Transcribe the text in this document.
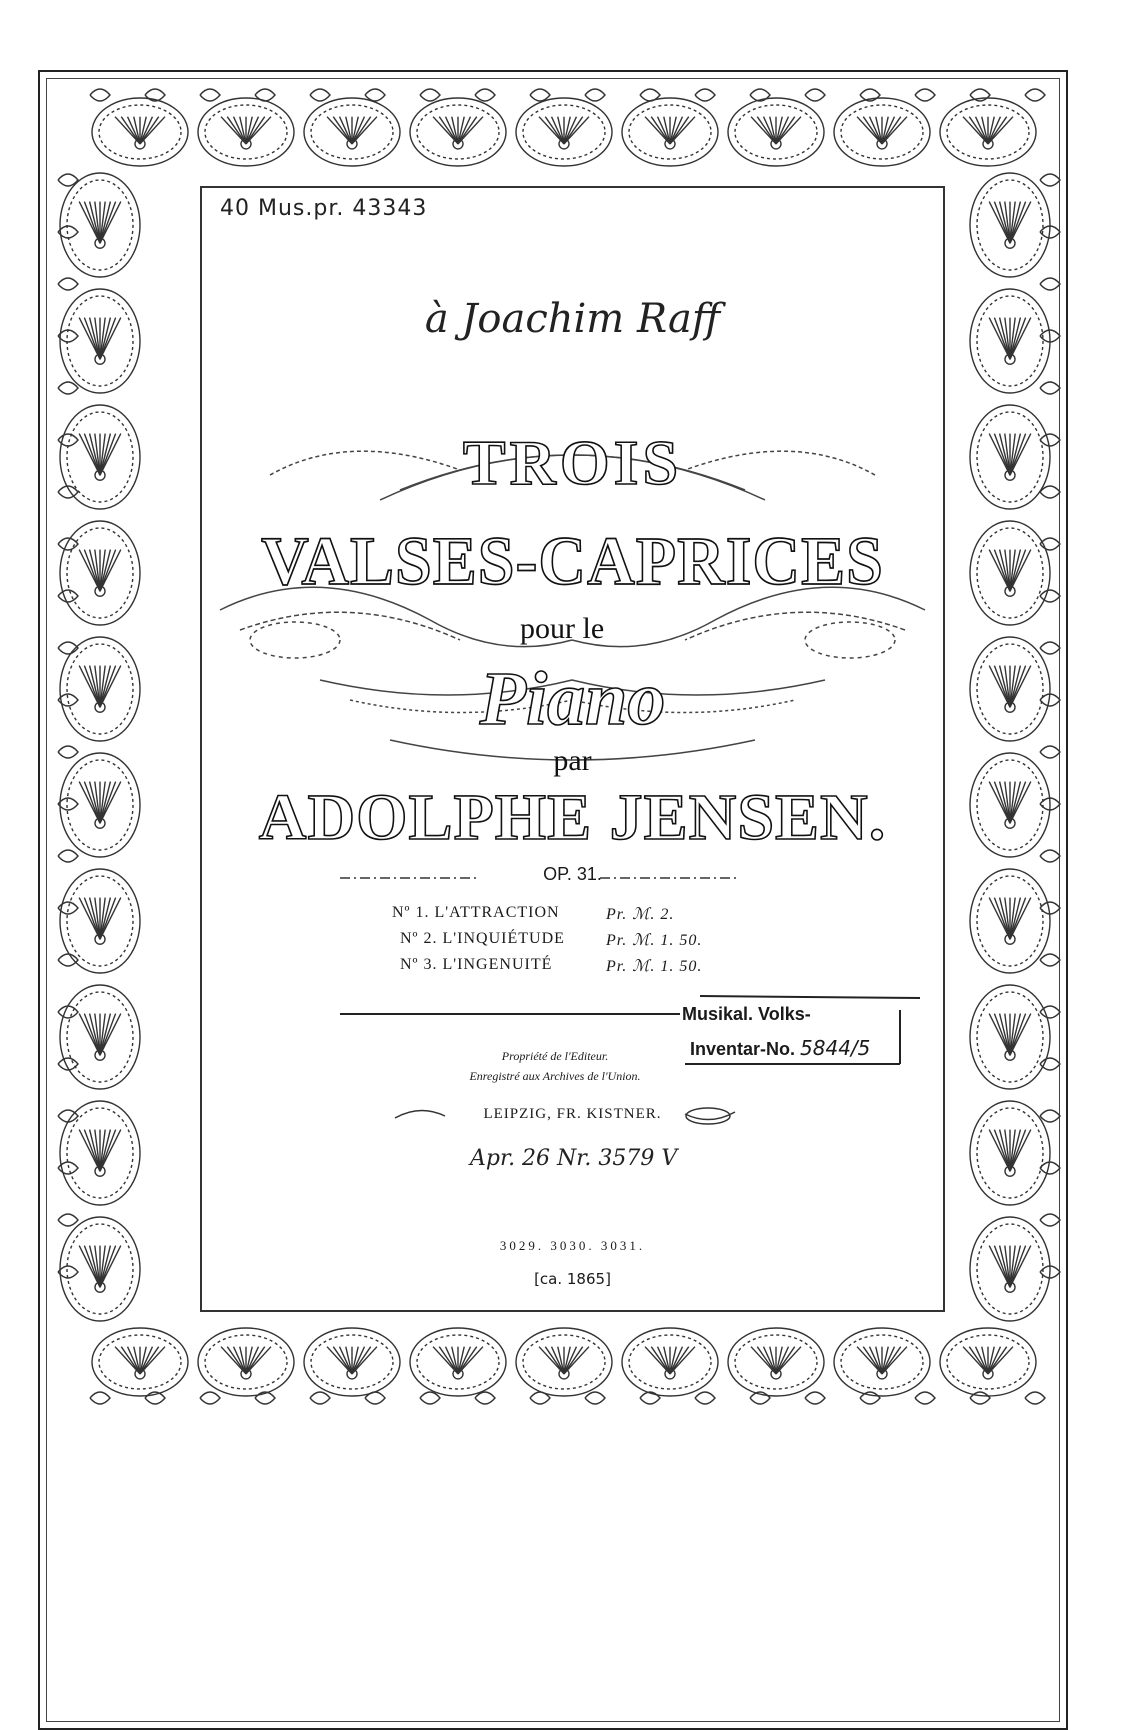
40 Mus.pr. 43343
à Joachim Raff
TROIS
VALSES-CAPRICES
pour le
Piano
par
ADOLPHE JENSEN.
OP. 31.
Nº 1. L'ATTRACTION	Pr. ℳ. 2.
Nº 2. L'INQUIÉTUDE	Pr. ℳ. 1. 50.
Nº 3. L'INGENUITÉ	Pr. ℳ. 1. 50.
Musikal. Volks-
Inventar-No. 5844/5
Propriété de l'Editeur.
Enregistré aux Archives de l'Union.
LEIPZIG, FR. KISTNER.
Apr. 26 Nr. 3579 V
3029. 3030. 3031.
[ca. 1865]
